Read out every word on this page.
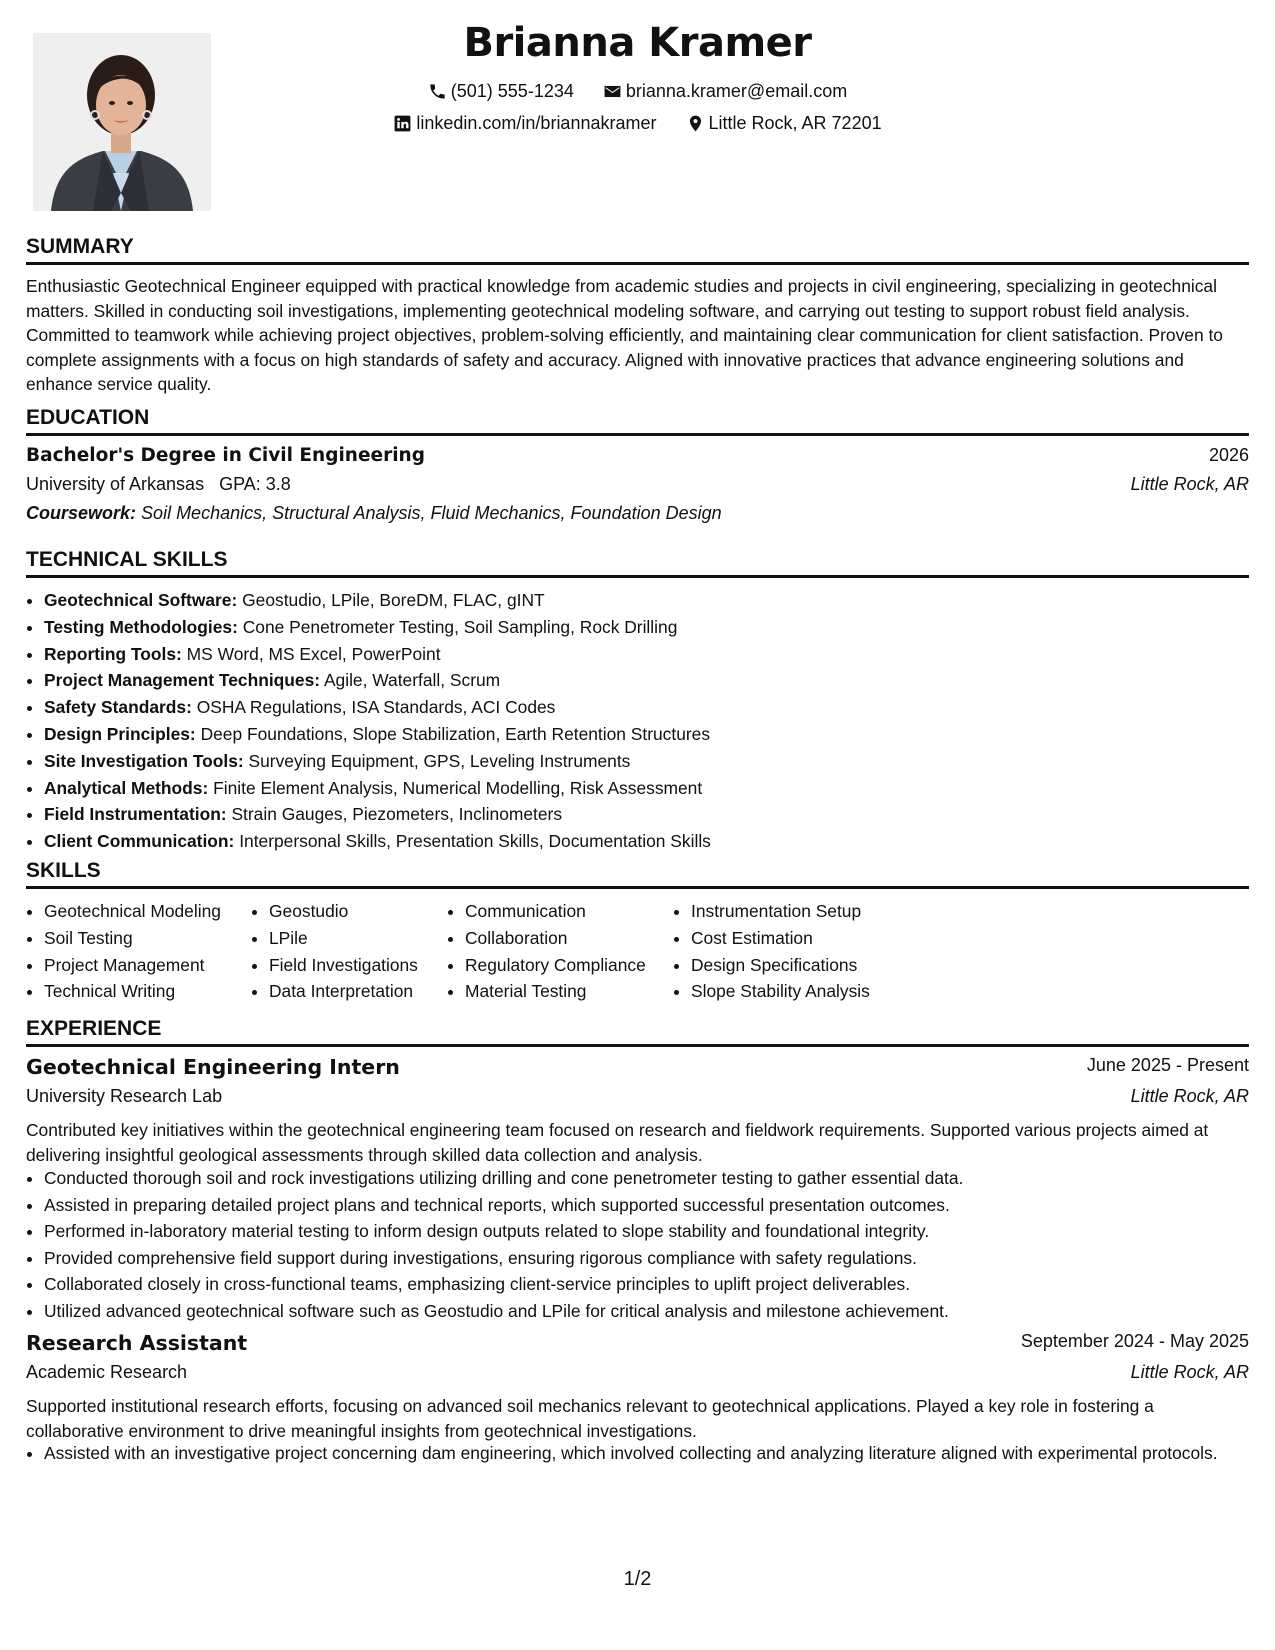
Brianna Kramer
(501) 555-1234
	brianna.kramer@email.com
linkedin.com/in/briannakramer
	Little Rock, AR 72201
SUMMARY

Enthusiastic Geotechnical Engineer equipped with practical knowledge from academic studies and projects in civil engineering, specializing in geotechnical matters. Skilled in conducting soil investigations, implementing geotechnical modeling software, and carrying out testing to support robust field analysis. Committed to teamwork while achieving project objectives, problem-solving efficiently, and maintaining clear communication for client satisfaction. Proven to complete assignments with a focus on high standards of safety and accuracy. Aligned with innovative practices that advance engineering solutions and enhance service quality.

EDUCATION
Bachelor's Degree in Civil Engineering	2026
University of Arkansas GPA: 3.8	Little Rock, AR
Coursework:
Soil Mechanics, Structural Analysis, Fluid Mechanics, Foundation Design
TECHNICAL SKILLS
• Geotechnical Software: Geostudio, LPile, BoreDM, FLAC, gINT
• Testing Methodologies: Cone Penetrometer Testing, Soil Sampling, Rock Drilling
• Reporting Tools: MS Word, MS Excel, PowerPoint
• Project Management Techniques: Agile, Waterfall, Scrum
• Safety Standards: OSHA Regulations, ISA Standards, ACI Codes
• Design Principles: Deep Foundations, Slope Stabilization, Earth Retention Structures
• Site Investigation Tools: Surveying Equipment, GPS, Leveling Instruments
• Analytical Methods: Finite Element Analysis, Numerical Modelling, Risk Assessment
• Field Instrumentation: Strain Gauges, Piezometers, Inclinometers
• Client Communication: Interpersonal Skills, Presentation Skills, Documentation Skills
SKILLS
• Geotechnical Modeling
• Soil Testing
• Project Management
• Technical Writing
• Geostudio
• LPile
• Field Investigations
• Data Interpretation
• Communication
• Collaboration
• Regulatory Compliance
• Material Testing
• Instrumentation Setup
• Cost Estimation
• Design Specifications
• Slope Stability Analysis
EXPERIENCE
Geotechnical Engineering Intern	June 2025 - Present
University Research Lab	Little Rock, AR

Contributed key initiatives within the geotechnical engineering team focused on research and fieldwork requirements. Supported various projects aimed at delivering insightful geological assessments through skilled data collection and analysis.

• Conducted thorough soil and rock investigations utilizing drilling and cone penetrometer testing to gather essential data.
• Assisted in preparing detailed project plans and technical reports, which supported successful presentation outcomes.
• Performed in-laboratory material testing to inform design outputs related to slope stability and foundational integrity.
• Provided comprehensive field support during investigations, ensuring rigorous compliance with safety regulations.
• Collaborated closely in cross-functional teams, emphasizing client-service principles to uplift project deliverables.
• Utilized advanced geotechnical software such as Geostudio and LPile for critical analysis and milestone achievement.
Research Assistant	September 2024 - May 2025
Academic Research	Little Rock, AR

Supported institutional research efforts, focusing on advanced soil mechanics relevant to geotechnical applications. Played a key role in fostering a collaborative environment to drive meaningful insights from geotechnical investigations.

• Assisted with an investigative project concerning dam engineering, which involved collecting and analyzing literature aligned with experimental protocols.
1/2
